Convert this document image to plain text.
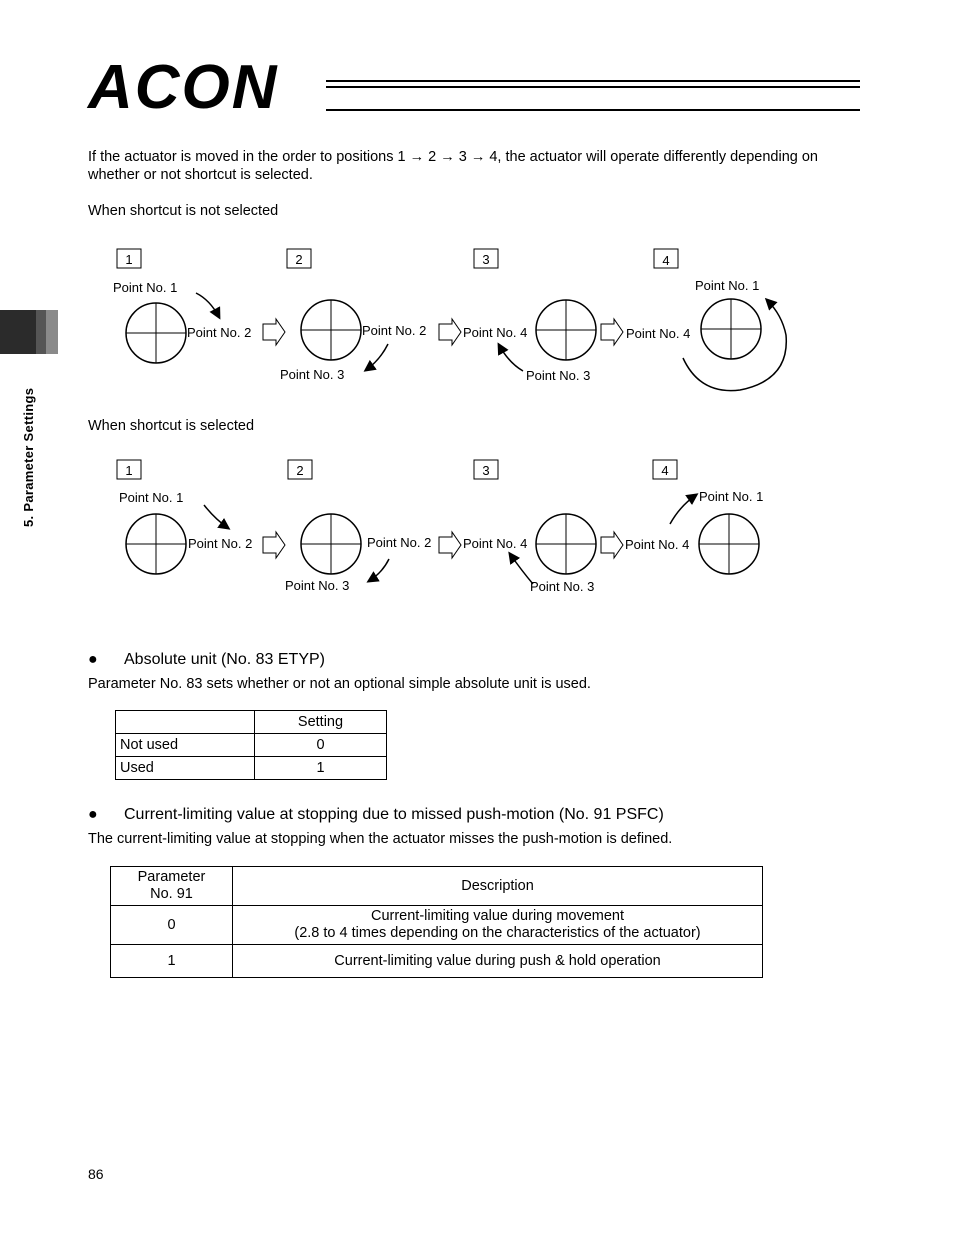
ACON
5. Parameter Settings
If the actuator is moved in the order to positions 1 → 2 → 3 → 4, the actuator will operate differently depending on
whether or not shortcut is selected.
When shortcut is not selected
1	2	3	4
Point No. 1
Point No. 2	Point No. 2
Point No. 3
Point No. 4
Point No. 3
Point No. 1
Point No. 4
When shortcut is selected
1	2	3	4
Point No. 1
Point No. 2	Point No. 2
Point No. 3
Point No. 4
Point No. 3
Point No. 1
Point No. 4
● Absolute unit (No. 83 ETYP)
Parameter No. 83 sets whether or not an optional simple absolute unit is used.
	Setting
Not used	0
Used	1
● Current-limiting value at stopping due to missed push-motion (No. 91 PSFC)
The current-limiting value at stopping when the actuator misses the push-motion is defined.
Parameter
No. 91	Description
0	Current-limiting value during movement
(2.8 to 4 times depending on the characteristics of the actuator)

1	Current-limiting value during push & hold operation
86
